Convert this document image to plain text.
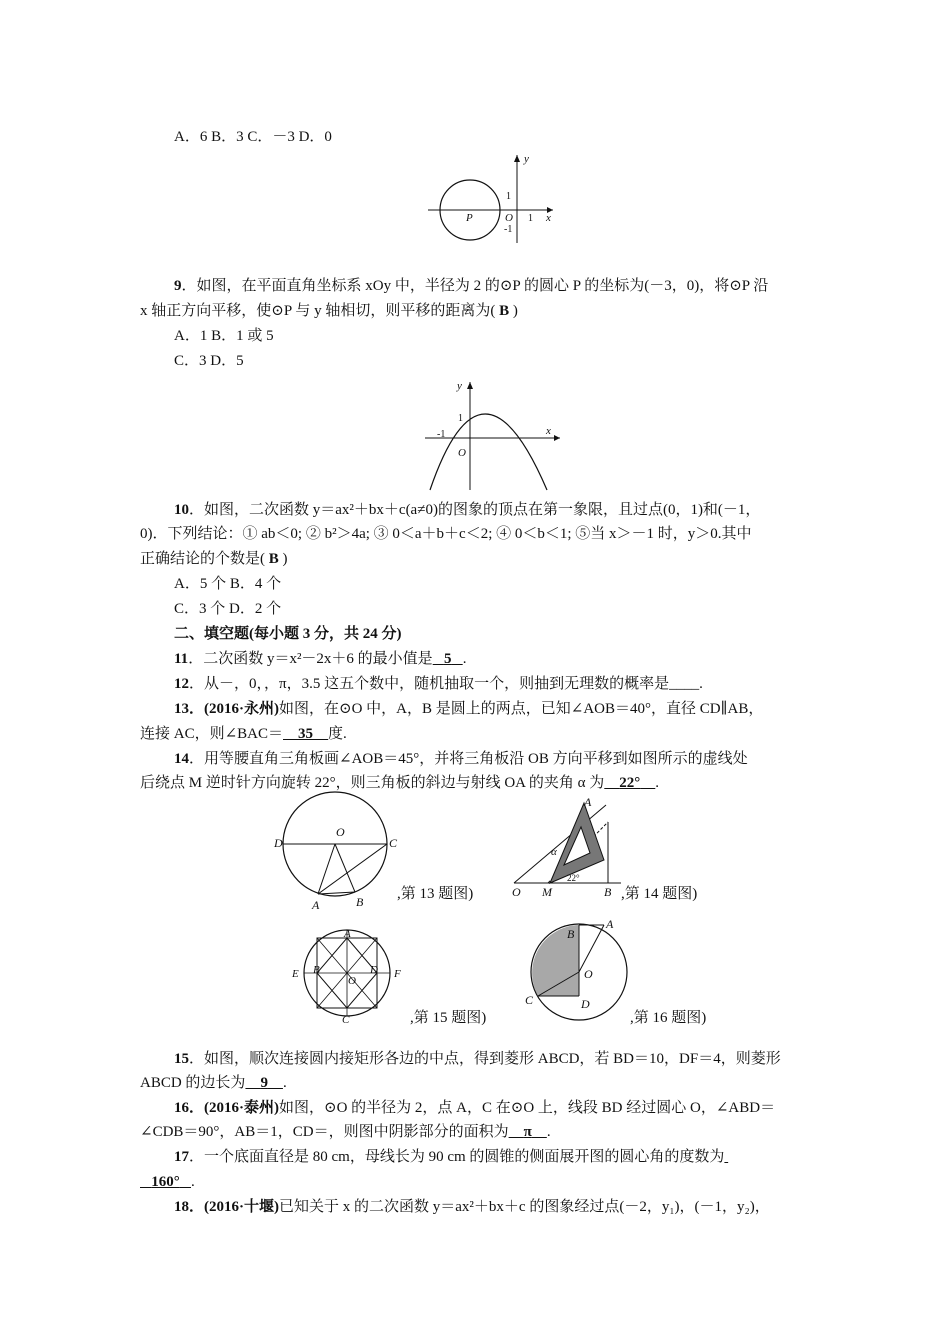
A．6 B．3 C．－3 D．0
y
x
1
1
-1
O
P
9．如图，在平面直角坐标系 xOy 中，半径为 2 的⊙P 的圆心 P 的坐标为(－3，0)，将⊙P 沿
x 轴正方向平移，使⊙P 与 y 轴相切，则平移的距离为( B )
A．1 B．1 或 5
C．3 D．5
y
x
1
-1
O
10．如图，二次函数 y＝ax²＋bx＋c(a≠0)的图象的顶点在第一象限，且过点(0，1)和(－1，
0)．下列结论：① ab＜0; ② b²＞4a; ③ 0＜a＋b＋c＜2; ④ 0＜b＜1; ⑤当 x＞－1 时，y＞0.其中
正确结论的个数是( B )
A．5 个 B．4 个
C．3 个 D．2 个
二、填空题(每小题 3 分，共 24 分)
11．二次函数 y＝x²－2x＋6 的最小值是 5 .
12．从－，0，，π，3.5 这五个数中，随机抽取一个，则抽到无理数的概率是____.
13．(2016·永州)如图，在⊙O 中，A，B 是圆上的两点，已知∠AOB＝40°，直径 CD∥AB，
连接 AC，则∠BAC＝ 35 度.
14．用等腰直角三角板画∠AOB＝45°，并将三角板沿 OB 方向平移到如图所示的虚线处
后绕点 M 逆时针方向旋转 22°，则三角板的斜边与射线 OA 的夹角 α 为 22° .
O
D	C
A	B ,第 13 题图)
A
α
22°
O M	B ,第 14 题图)
A
B
C
D
E	F
O
,第 15 题图)
A
B
O
C	D
,第 16 题图)
15．如图，顺次连接圆内接矩形各边的中点，得到菱形 ABCD，若 BD＝10，DF＝4，则菱形
ABCD 的边长为 9 .
16．(2016·泰州)如图，⊙O 的半径为 2，点 A，C 在⊙O 上，线段 BD 经过圆心 O，∠ABD＝
∠CDB＝90°，AB＝1，CD＝，则图中阴影部分的面积为 π .
17．一个底面直径是 80 cm，母线长为 90 cm 的圆锥的侧面展开图的圆心角的度数为
160° .
18．(2016·十堰)已知关于 x 的二次函数 y＝ax²＋bx＋c 的图象经过点(－2，y₁)，(－1，y₂)，
